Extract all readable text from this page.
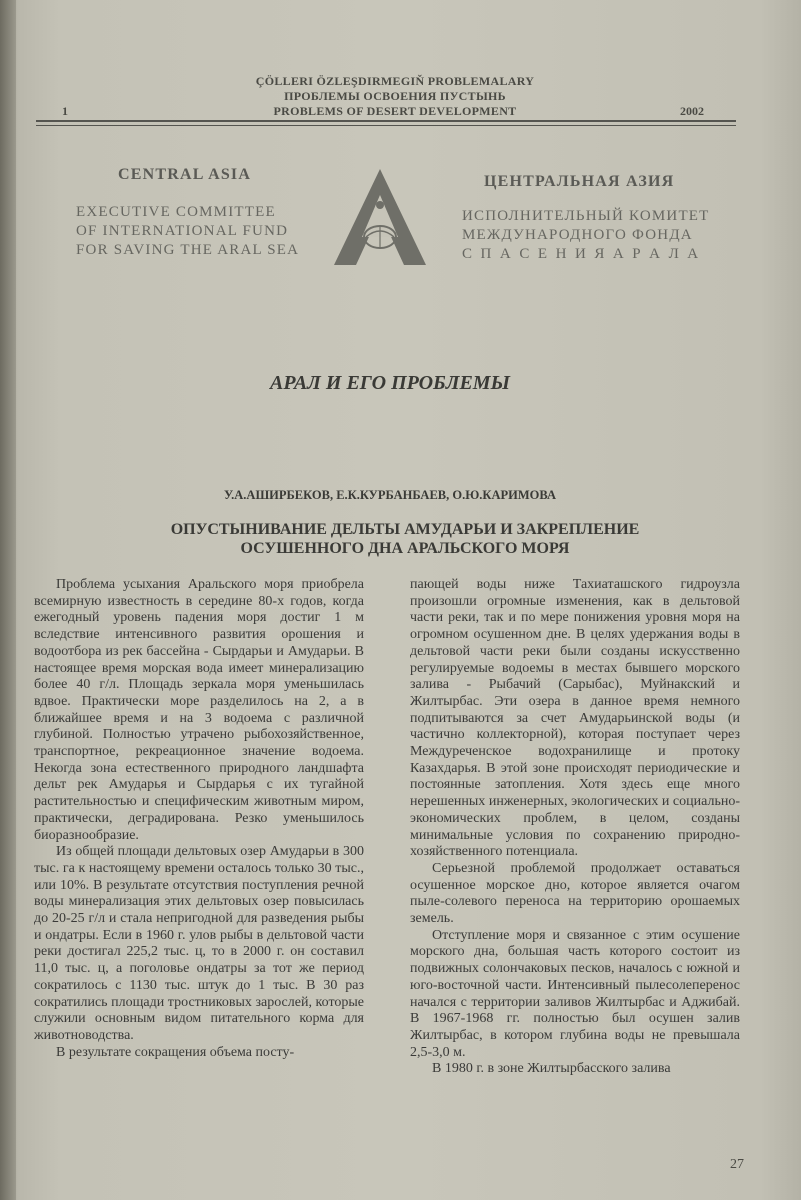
ÇÖLLERI ÖZLEŞDIRMEGIŇ PROBLEMALARY
ПРОБЛЕМЫ ОСВОЕНИЯ ПУСТЫНЬ
1	PROBLEMS OF DESERT DEVELOPMENT	2002
CENTRAL ASIA
EXECUTIVE COMMITTEE
OF INTERNATIONAL FUND
FOR SAVING THE ARAL SEA
ЦЕНТРАЛЬНАЯ АЗИЯ
ИСПОЛНИТЕЛЬНЫЙ КОМИТЕТ
МЕЖДУНАРОДНОГО ФОНДА
С П А С Е Н И Я А Р А Л А
АРАЛ И ЕГО ПРОБЛЕМЫ
У.А.АШИРБЕКОВ, Е.К.КУРБАНБАЕВ, О.Ю.КАРИМОВА
ОПУСТЫНИВАНИЕ ДЕЛЬТЫ АМУДАРЬИ И ЗАКРЕПЛЕНИЕ
ОСУШЕННОГО ДНА АРАЛЬСКОГО МОРЯ

Проблема усыхания Аральского моря приобрела всемирную известность в середине 80-х годов, когда ежегодный уровень падения моря достиг 1 м вследствие интенсивного развития орошения и водоотбора из рек бассейна - Сырдарьи и Амударьи. В настоящее время морская вода имеет минерализацию более 40 г/л. Площадь зеркала моря уменьшилась вдвое. Практически море разделилось на 2, а в ближайшее время и на 3 водоема с различной глубиной. Полностью утрачено рыбохозяйственное, транспортное, рекреационное значение водоема. Некогда зона естественного природного ландшафта дельт рек Амударья и Сырдарья с их тугайной растительностью и специфическим животным миром, практически, деградирована. Резко уменьшилось биоразнообразие.

Из общей площади дельтовых озер Амударьи в 300 тыс. га к настоящему времени осталось только 30 тыс., или 10%. В результате отсутствия поступления речной воды минерализация этих дельтовых озер повысилась до 20-25 г/л и стала непригодной для разведения рыбы и ондатры. Если в 1960 г. улов рыбы в дельтовой части реки достигал 225,2 тыс. ц, то в 2000 г. он составил 11,0 тыс. ц, а поголовье ондатры за тот же период сократилось с 1130 тыс. штук до 1 тыс. В 30 раз сократились площади тростниковых зарослей, которые служили основным видом питательного корма для животноводства.

В результате сокращения объема посту-

пающей воды ниже Тахиаташского гидроузла произошли огромные изменения, как в дельтовой части реки, так и по мере понижения уровня моря на огромном осушенном дне. В целях удержания воды в дельтовой части реки были созданы искусственно регулируемые водоемы в местах бывшего морского залива - Рыбачий (Сарыбас), Муйнакский и Жилтырбас. Эти озера в данное время немного подпитываются за счет Амударьинской воды (и частично коллекторной), которая поступает через Междуреченское водохранилище и протоку Казахдарья. В этой зоне происходят периодические и постоянные затопления. Хотя здесь еще много нерешенных инженерных, экологических и социально-экономических проблем, в целом, созданы минимальные условия по сохранению природно-хозяйственного потенциала.

Серьезной проблемой продолжает оставаться осушенное морское дно, которое является очагом пыле-солевого переноса на территорию орошаемых земель.

Отступление моря и связанное с этим осушение морского дна, большая часть которого состоит из подвижных солончаковых песков, началось с южной и юго-восточной части. Интенсивный пылесолеперенос начался с территории заливов Жилтырбас и Аджибай. В 1967-1968 гг. полностью был осушен залив Жилтырбас, в котором глубина воды не превышала 2,5-3,0 м.

В 1980 г. в зоне Жилтырбасского залива

27
